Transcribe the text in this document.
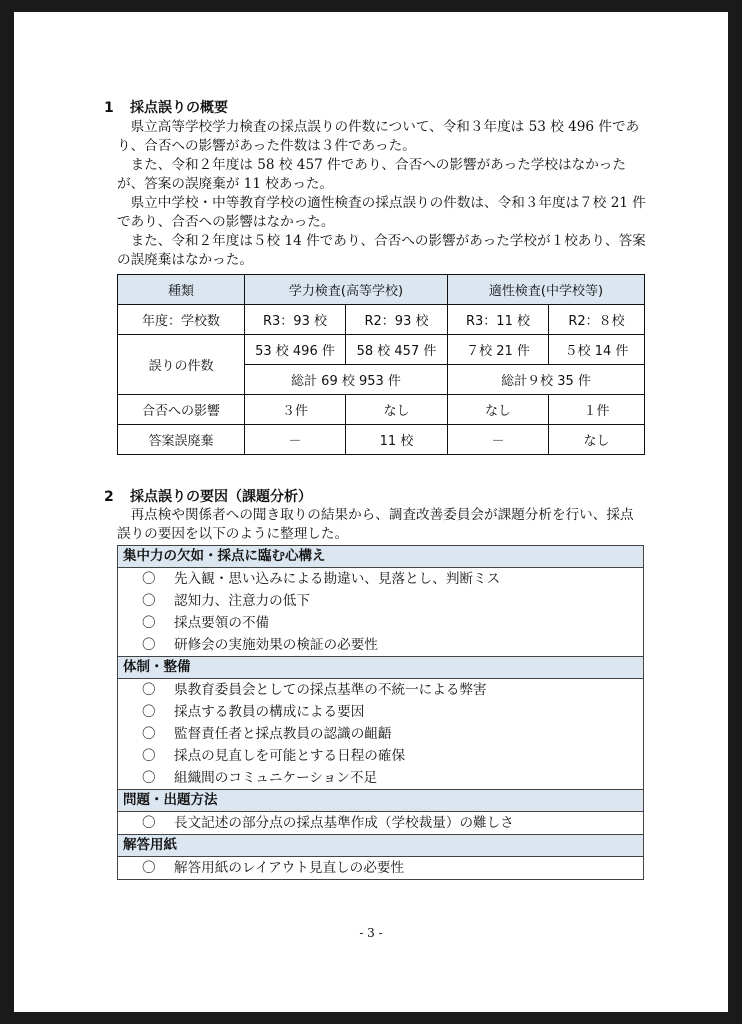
1 採点誤りの概要

県立高等学校学力検査の採点誤りの件数について、令和３年度は 53 校 496 件であり、合否への影響があった件数は３件であった。

また、令和２年度は 58 校 457 件であり、合否への影響があった学校はなかったが、答案の誤廃棄が 11 校あった。

県立中学校・中等教育学校の適性検査の採点誤りの件数は、令和３年度は７校 21 件であり、合否への影響はなかった。

また、令和２年度は５校 14 件であり、合否への影響があった学校が１校あり、答案の誤廃棄はなかった。

種類	学力検査(高等学校)		適性検査(中学校等)	
年度：学校数	R3：93 校	R2：93 校	R3：11 校	R2：８校
誤りの件数	53 校 496 件	58 校 457 件	７校 21 件	５校 14 件
	総計 69 校 953 件		総計９校 35 件	
合否への影響	３件	なし	なし	１件
答案誤廃棄	－	11 校	－	なし
2 採点誤りの要因（課題分析）

再点検や関係者への聞き取りの結果から、調査改善委員会が課題分析を行い、採点誤りの要因を以下のように整理した。

集中力の欠如・採点に臨む心構え
〇 先入観・思い込みによる勘違い、見落とし、判断ミス
〇 認知力、注意力の低下
〇 採点要領の不備
〇 研修会の実施効果の検証の必要性
体制・整備
〇 県教育委員会としての採点基準の不統一による弊害
〇 採点する教員の構成による要因
〇 監督責任者と採点教員の認識の齟齬
〇 採点の見直しを可能とする日程の確保
〇 組織間のコミュニケーション不足
問題・出題方法
〇 長文記述の部分点の採点基準作成（学校裁量）の難しさ
解答用紙
〇 解答用紙のレイアウト見直しの必要性
- 3 -
